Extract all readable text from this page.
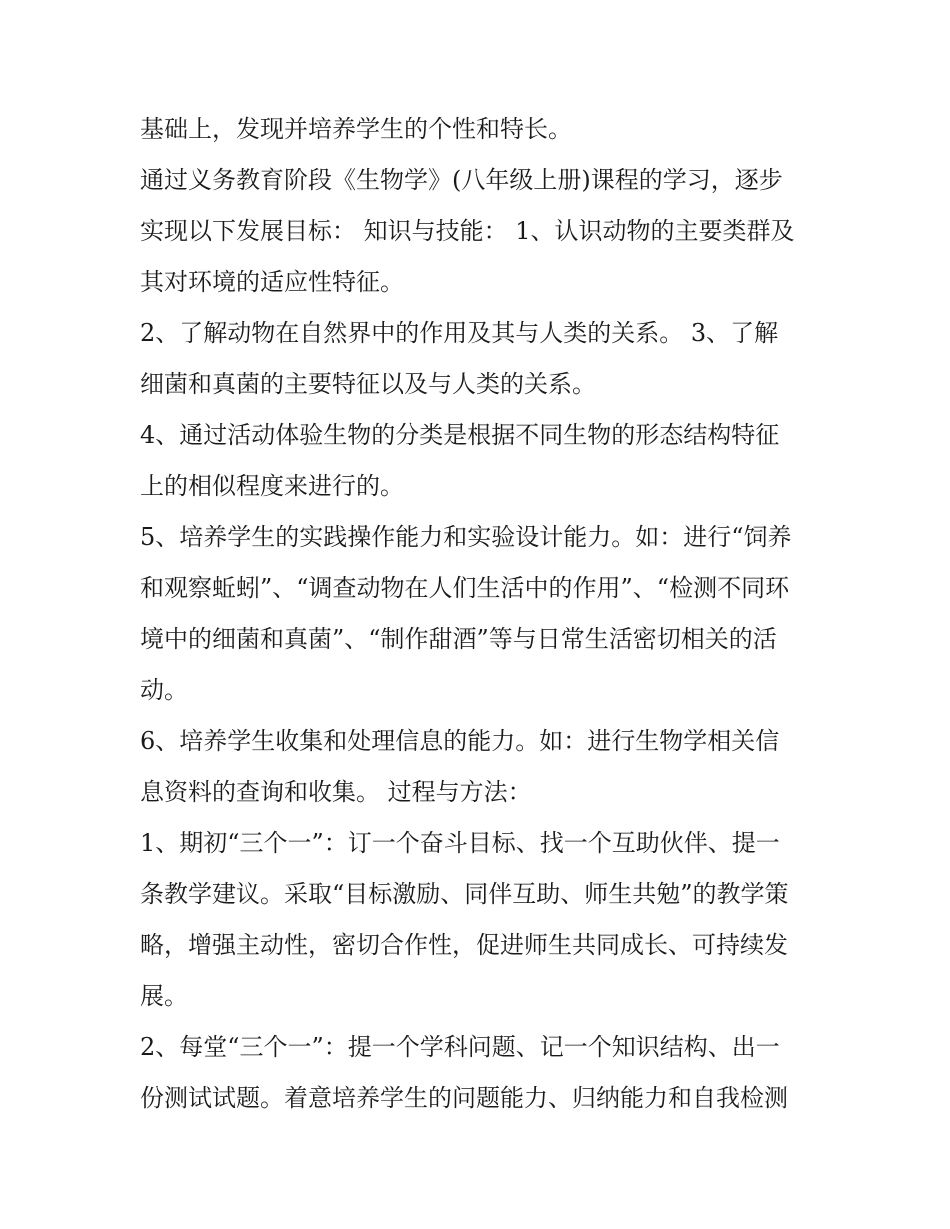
基础上，发现并培养学生的个性和特长。

通过义务教育阶段《生物学》(八年级上册)课程的学习，逐步
实现以下发展目标： 知识与技能： 1、认识动物的主要类群及
其对环境的适应性特征。

2、了解动物在自然界中的作用及其与人类的关系。 3、了解
细菌和真菌的主要特征以及与人类的关系。

4、通过活动体验生物的分类是根据不同生物的形态结构特征
上的相似程度来进行的。

5、培养学生的实践操作能力和实验设计能力。如：进行“饲养
和观察蚯蚓”、“调查动物在人们生活中的作用”、“检测不同环
境中的细菌和真菌”、“制作甜酒”等与日常生活密切相关的活
动。

6、培养学生收集和处理信息的能力。如：进行生物学相关信
息资料的查询和收集。 过程与方法：

1、期初“三个一”：订一个奋斗目标、找一个互助伙伴、提一
条教学建议。采取“目标激励、同伴互助、师生共勉”的教学策
略，增强主动性，密切合作性，促进师生共同成长、可持续发
展。

2、每堂“三个一”：提一个学科问题、记一个知识结构、出一
份测试试题。着意培养学生的问题能力、归纳能力和自我检测
